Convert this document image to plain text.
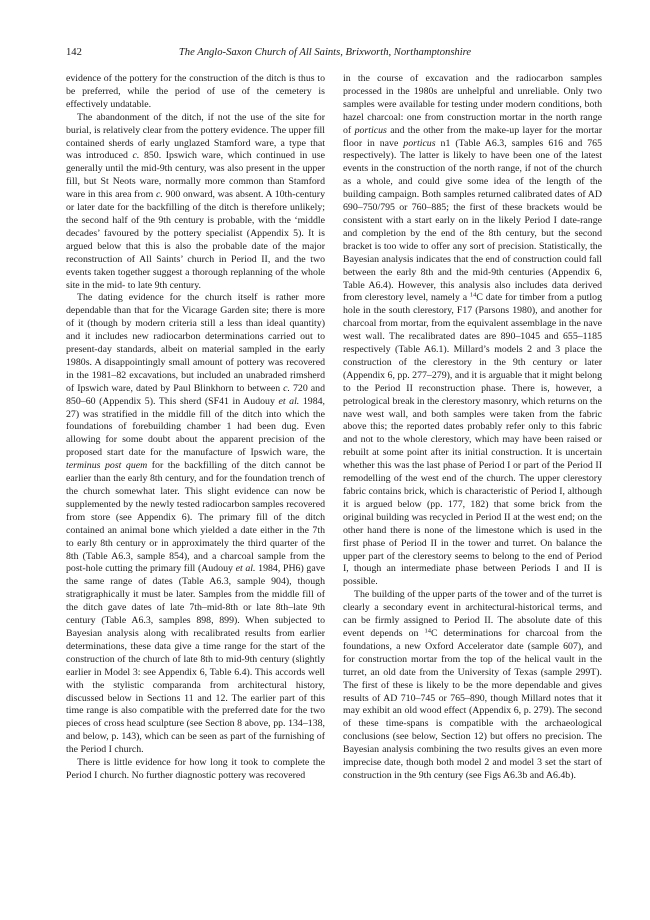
142	The Anglo-Saxon Church of All Saints, Brixworth, Northamptonshire

evidence of the pottery for the construction of the ditch is thus to be preferred, while the period of use of the cemetery is effectively undatable.

The abandonment of the ditch, if not the use of the site for burial, is relatively clear from the pottery evidence. The upper fill contained sherds of early unglazed Stamford ware, a type that was introduced c. 850. Ipswich ware, which continued in use generally until the mid-9th century, was also present in the upper fill, but St Neots ware, normally more common than Stamford ware in this area from c. 900 onward, was absent. A 10th-century or later date for the backfilling of the ditch is therefore unlikely; the second half of the 9th century is probable, with the ‘middle decades’ favoured by the pottery specialist (Appendix 5). It is argued below that this is also the probable date of the major reconstruction of All Saints’ church in Period II, and the two events taken together suggest a thorough replanning of the whole site in the mid- to late 9th century.

The dating evidence for the church itself is rather more dependable than that for the Vicarage Garden site; there is more of it (though by modern criteria still a less than ideal quantity) and it includes new radiocarbon determinations carried out to present-day standards, albeit on material sampled in the early 1980s. A disappointingly small amount of pottery was recovered in the 1981–82 excavations, but included an unabraded rimsherd of Ipswich ware, dated by Paul Blinkhorn to between c. 720 and 850–60 (Appendix 5). This sherd (SF41 in Audouy et al. 1984, 27) was stratified in the middle fill of the ditch into which the foundations of forebuilding chamber 1 had been dug. Even allowing for some doubt about the apparent precision of the proposed start date for the manufacture of Ipswich ware, the terminus post quem for the backfilling of the ditch cannot be earlier than the early 8th century, and for the foundation trench of the church somewhat later. This slight evidence can now be supplemented by the newly tested radiocarbon samples recovered from store (see Appendix 6). The primary fill of the ditch contained an animal bone which yielded a date either in the 7th to early 8th century or in approximately the third quarter of the 8th (Table A6.3, sample 854), and a charcoal sample from the post-hole cutting the primary fill (Audouy et al. 1984, PH6) gave the same range of dates (Table A6.3, sample 904), though stratigraphically it must be later. Samples from the middle fill of the ditch gave dates of late 7th–mid-8th or late 8th–late 9th century (Table A6.3, samples 898, 899). When subjected to Bayesian analysis along with recalibrated results from earlier determinations, these data give a time range for the start of the construction of the church of late 8th to mid-9th century (slightly earlier in Model 3: see Appendix 6, Table 6.4). This accords well with the stylistic comparanda from architectural history, discussed below in Sections 11 and 12. The earlier part of this time range is also compatible with the preferred date for the two pieces of cross head sculpture (see Section 8 above, pp. 134–138, and below, p. 143), which can be seen as part of the furnishing of the Period I church.

There is little evidence for how long it took to complete the Period I church. No further diagnostic pottery was recovered

in the course of excavation and the radiocarbon samples processed in the 1980s are unhelpful and unreliable. Only two samples were available for testing under modern conditions, both hazel charcoal: one from construction mortar in the north range of porticus and the other from the make-up layer for the mortar floor in nave porticus n1 (Table A6.3, samples 616 and 765 respectively). The latter is likely to have been one of the latest events in the construction of the north range, if not of the church as a whole, and could give some idea of the length of the building campaign. Both samples returned calibrated dates of AD 690–750/795 or 760–885; the first of these brackets would be consistent with a start early on in the likely Period I date-range and completion by the end of the 8th century, but the second bracket is too wide to offer any sort of precision. Statistically, the Bayesian analysis indicates that the end of construction could fall between the early 8th and the mid-9th centuries (Appendix 6, Table A6.4). However, this analysis also includes data derived from clerestory level, namely a $^{14}$C date for timber from a putlog hole in the south clerestory, F17 (Parsons 1980), and another for charcoal from mortar, from the equivalent assemblage in the nave west wall. The recalibrated dates are 890–1045 and 655–1185 respectively (Table A6.1). Millard’s models 2 and 3 place the construction of the clerestory in the 9th century or later (Appendix 6, pp. 277–279), and it is arguable that it might belong to the Period II reconstruction phase. There is, however, a petrological break in the clerestory masonry, which returns on the nave west wall, and both samples were taken from the fabric above this; the reported dates probably refer only to this fabric and not to the whole clerestory, which may have been raised or rebuilt at some point after its initial construction. It is uncertain whether this was the last phase of Period I or part of the Period II remodelling of the west end of the church. The upper clerestory fabric contains brick, which is characteristic of Period I, although it is argued below (pp. 177, 182) that some brick from the original building was recycled in Period II at the west end; on the other hand there is none of the limestone which is used in the first phase of Period II in the tower and turret. On balance the upper part of the clerestory seems to belong to the end of Period I, though an intermediate phase between Periods I and II is possible.

The building of the upper parts of the tower and of the turret is clearly a secondary event in architectural-historical terms, and can be firmly assigned to Period II. The absolute date of this event depends on $^{14}$C determinations for charcoal from the foundations, a new Oxford Accelerator date (sample 607), and for construction mortar from the top of the helical vault in the turret, an old date from the University of Texas (sample 299T). The first of these is likely to be the more dependable and gives results of AD 710–745 or 765–890, though Millard notes that it may exhibit an old wood effect (Appendix 6, p. 279). The second of these time-spans is compatible with the archaeological conclusions (see below, Section 12) but offers no precision. The Bayesian analysis combining the two results gives an even more imprecise date, though both model 2 and model 3 set the start of construction in the 9th century (see Figs A6.3b and A6.4b).
